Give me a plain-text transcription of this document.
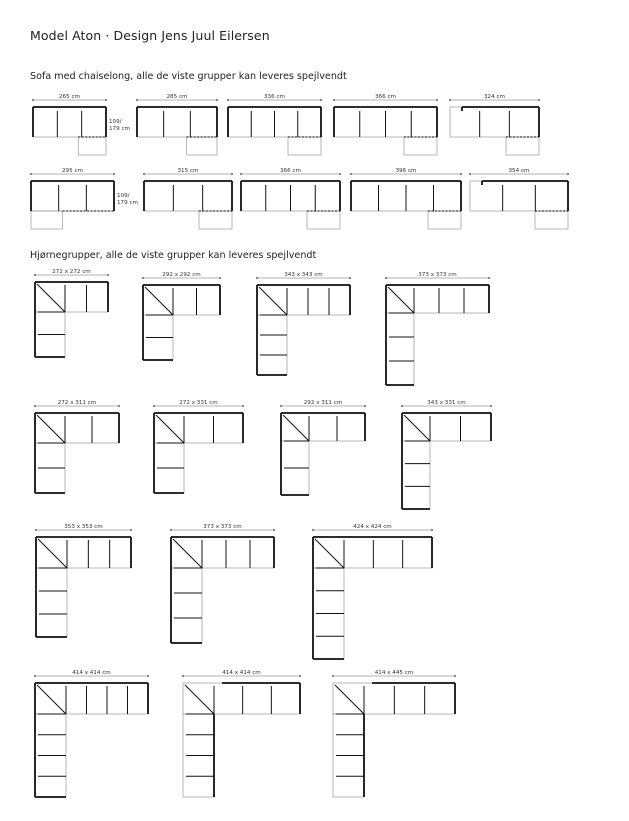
Model Aton · Design Jens Juul Eilersen
Sofa med chaiselong, alle de viste grupper kan leveres spejlvendt
Hjørnegrupper, alle de viste grupper kan leveres spejlvendt
265 cm
109/
179 cm
285 cm	336 cm	366 cm	324 cm
295 cm
109/
179 cm
315 cm	366 cm	396 cm	354 cm
272 x 272 cm	292 x 292 cm	343 x 343 cm	373 x 373 cm
272 x 311 cm	272 x 331 cm	292 x 311 cm	343 x 331 cm
353 x 353 cm	373 x 373 cm	424 x 424 cm
414 x 414 cm	414 x 414 cm	414 x 445 cm
